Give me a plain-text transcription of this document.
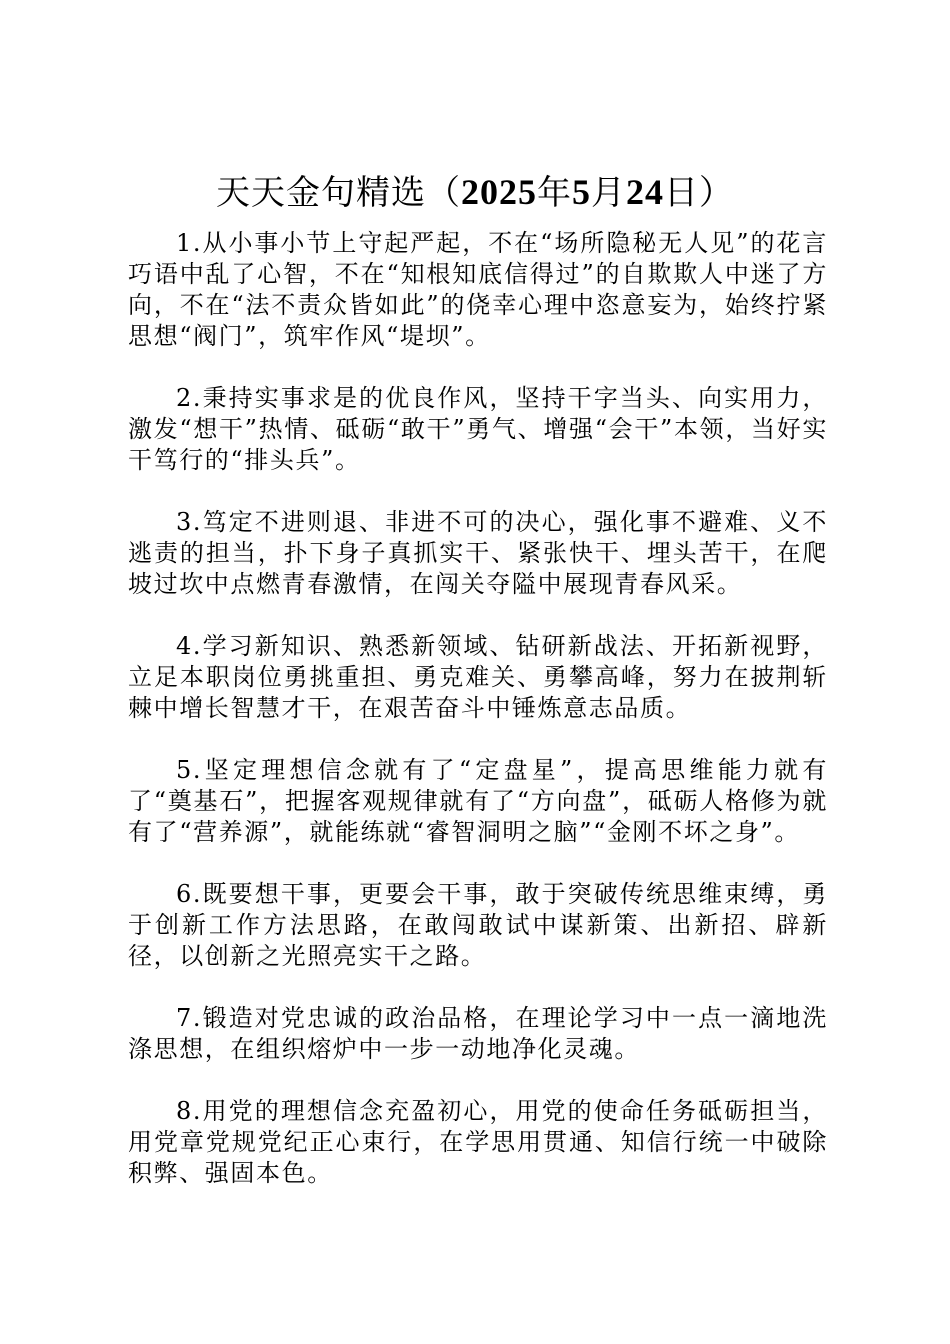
天天金句精选（2025年5月24日）

1.从小事小节上守起严起，不在“场所隐秘无人见”的花言巧语中乱了心智，不在“知根知底信得过”的自欺欺人中迷了方向，不在“法不责众皆如此”的侥幸心理中恣意妄为，始终拧紧思想“阀门”，筑牢作风“堤坝”。

2.秉持实事求是的优良作风，坚持干字当头、向实用力，激发“想干”热情、砥砺“敢干”勇气、增强“会干”本领，当好实干笃行的“排头兵”。

3.笃定不进则退、非进不可的决心，强化事不避难、义不逃责的担当，扑下身子真抓实干、紧张快干、埋头苦干，在爬坡过坎中点燃青春激情，在闯关夺隘中展现青春风采。

4.学习新知识、熟悉新领域、钻研新战法、开拓新视野，立足本职岗位勇挑重担、勇克难关、勇攀高峰，努力在披荆斩棘中增长智慧才干，在艰苦奋斗中锤炼意志品质。

5.坚定理想信念就有了“定盘星”，提高思维能力就有了“奠基石”，把握客观规律就有了“方向盘”，砥砺人格修为就有了“营养源”，就能练就“睿智洞明之脑”“金刚不坏之身”。

6.既要想干事，更要会干事，敢于突破传统思维束缚，勇于创新工作方法思路，在敢闯敢试中谋新策、出新招、辟新径，以创新之光照亮实干之路。

7.锻造对党忠诚的政治品格，在理论学习中一点一滴地洗涤思想，在组织熔炉中一步一动地净化灵魂。

8.用党的理想信念充盈初心，用党的使命任务砥砺担当，用党章党规党纪正心束行，在学思用贯通、知信行统一中破除积弊、强固本色。
